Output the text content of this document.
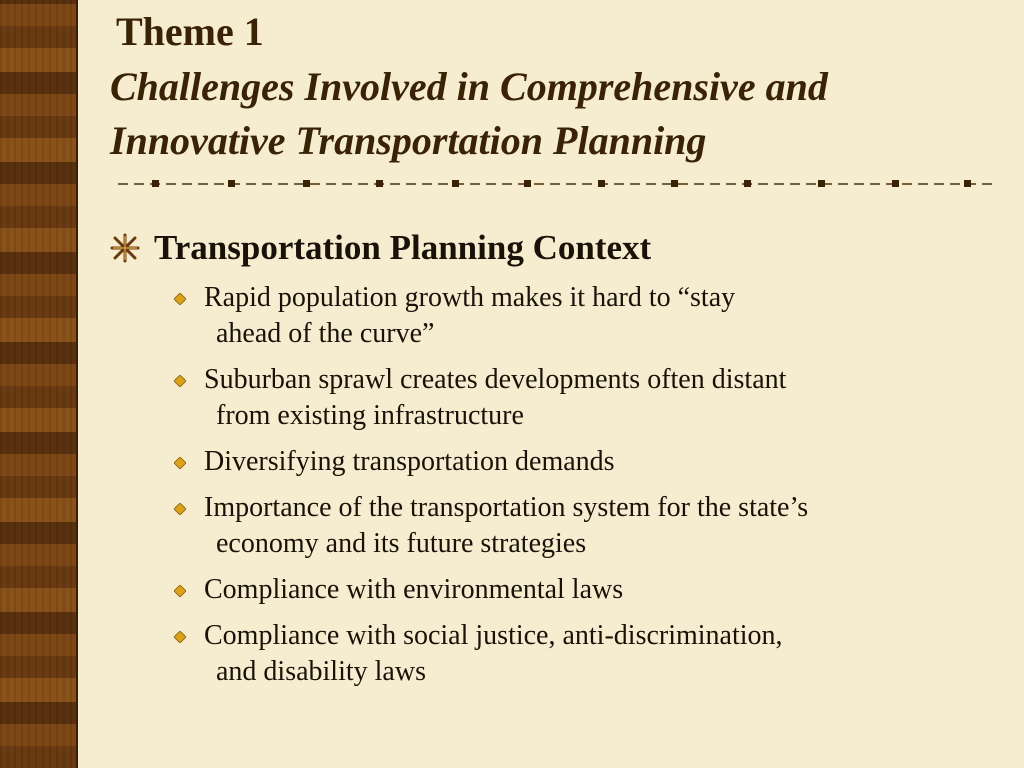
Theme 1
Challenges Involved in Comprehensive and Innovative Transportation Planning
Transportation Planning Context
Rapid population growth makes it hard to “stay
ahead of the curve”
Suburban sprawl creates developments often distant
from existing infrastructure
Diversifying transportation demands
Importance of the transportation system for the state’s
economy and its future strategies
Compliance with environmental laws
Compliance with social justice, anti-discrimination,
and disability laws
